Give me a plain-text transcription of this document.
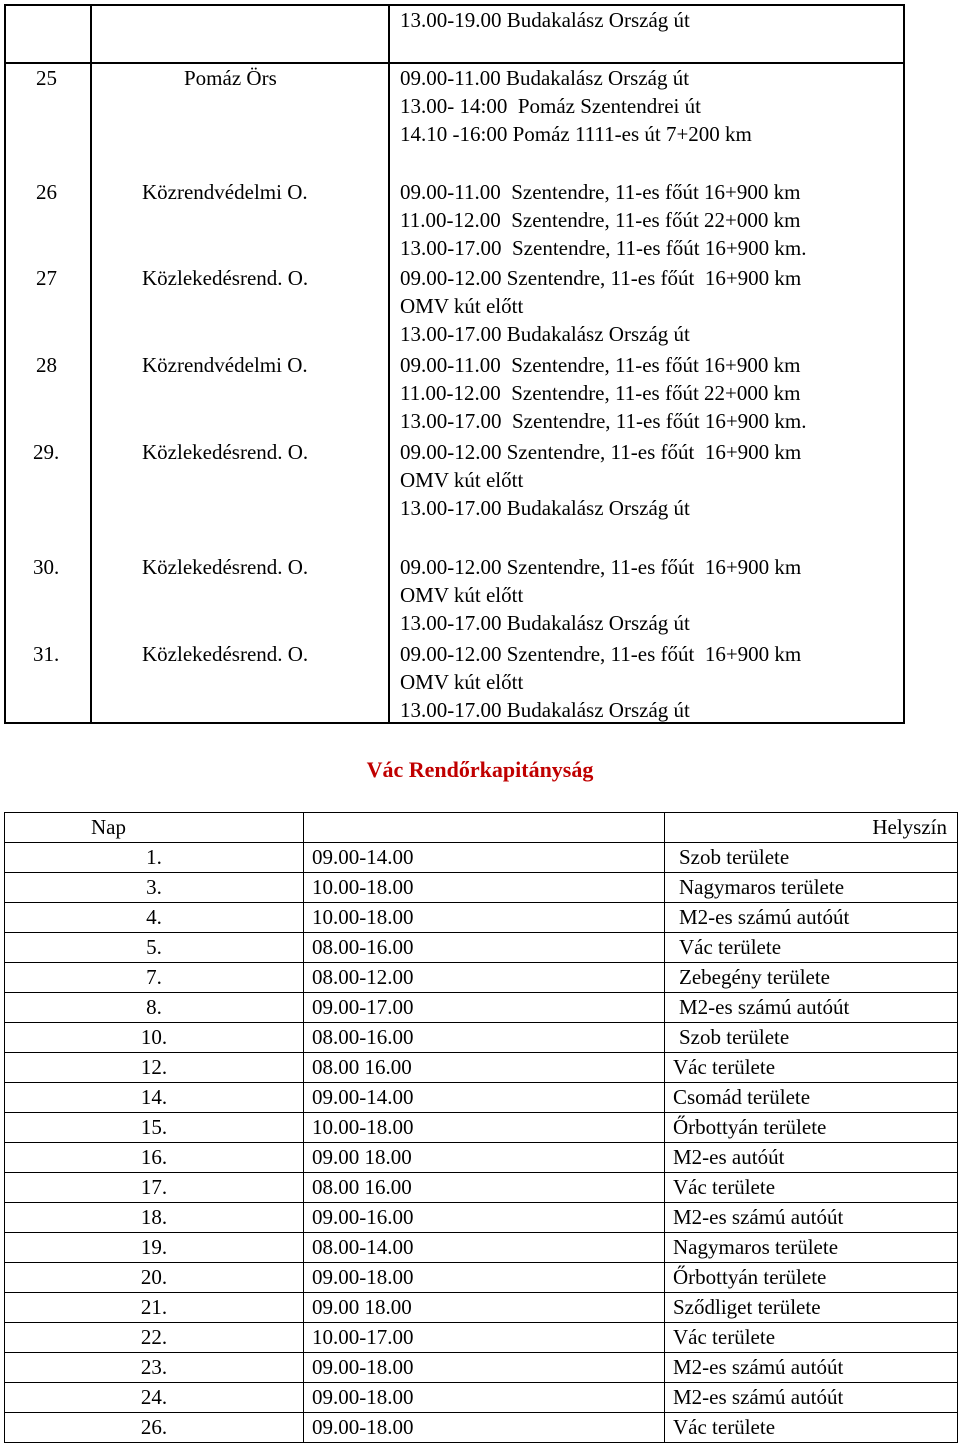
13.00-19.00 Budakalász Ország út
25	Pomáz Örs	09.00-11.00 Budakalász Ország út
13.00- 14:00  Pomáz Szentendrei út
14.10 -16:00 Pomáz 1111-es út 7+200 km
26	Közrendvédelmi O.	09.00-11.00  Szentendre, 11-es főút 16+900 km
11.00-12.00  Szentendre, 11-es főút 22+000 km
13.00-17.00  Szentendre, 11-es főút 16+900 km.
27	Közlekedésrend. O.	09.00-12.00 Szentendre, 11-es főút  16+900 km
OMV kút előtt
13.00-17.00 Budakalász Ország út
28	Közrendvédelmi O.	09.00-11.00  Szentendre, 11-es főút 16+900 km
11.00-12.00  Szentendre, 11-es főút 22+000 km
13.00-17.00  Szentendre, 11-es főút 16+900 km.
29.	Közlekedésrend. O.	09.00-12.00 Szentendre, 11-es főút  16+900 km
OMV kút előtt
13.00-17.00 Budakalász Ország út
30.	Közlekedésrend. O.	09.00-12.00 Szentendre, 11-es főút  16+900 km
OMV kút előtt
13.00-17.00 Budakalász Ország út
31.	Közlekedésrend. O.	09.00-12.00 Szentendre, 11-es főút  16+900 km
OMV kút előtt
13.00-17.00 Budakalász Ország út
Vác Rendőrkapitányság
Nap		Helyszín
1.	09.00-14.00	Szob területe
3.	10.00-18.00	Nagymaros területe
4.	10.00-18.00	M2-es számú autóút
5.	08.00-16.00	Vác területe
7.	08.00-12.00	Zebegény területe
8.	09.00-17.00	M2-es számú autóút
10.	08.00-16.00	Szob területe
12.	08.00 16.00	Vác területe
14.	09.00-14.00	Csomád területe
15.	10.00-18.00	Őrbottyán területe
16.	09.00 18.00	M2-es autóút
17.	08.00 16.00	Vác területe
18.	09.00-16.00	M2-es számú autóút
19.	08.00-14.00	Nagymaros területe
20.	09.00-18.00	Őrbottyán területe
21.	09.00 18.00	Sződliget területe
22.	10.00-17.00	Vác területe
23.	09.00-18.00	M2-es számú autóút
24.	09.00-18.00	M2-es számú autóút
26.	09.00-18.00	Vác területe
